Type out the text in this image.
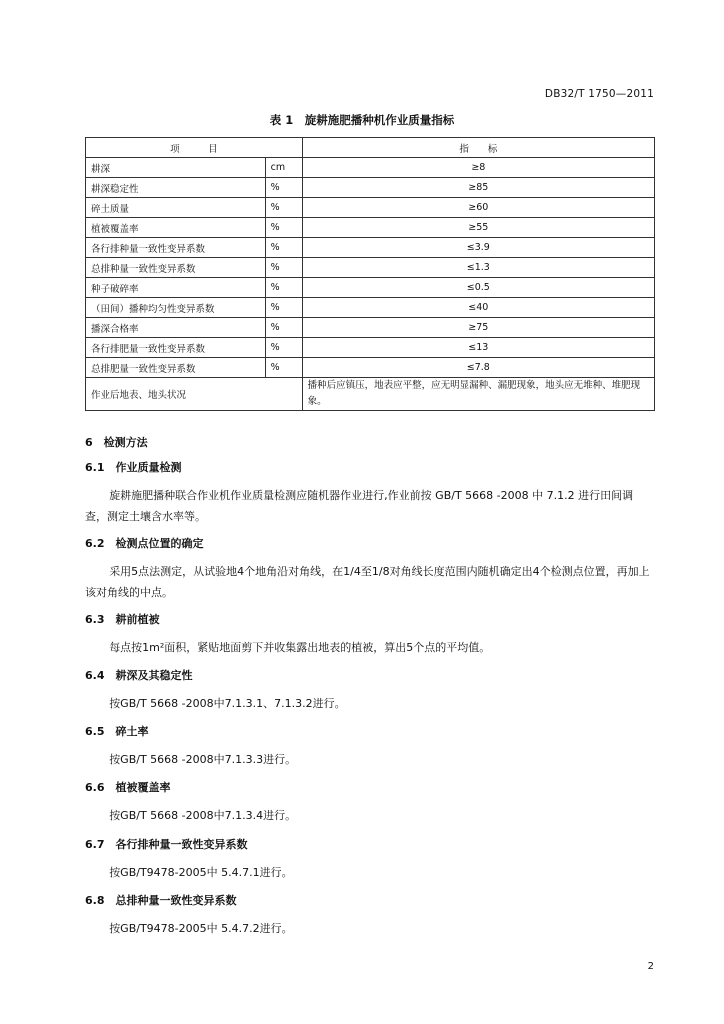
DB32/T 1750—2011
表 1　旋耕施肥播种机作业质量指标
项　　　目		指　　标
耕深	cm	≥8
耕深稳定性	%	≥85
碎土质量	%	≥60
植被覆盖率	%	≥55
各行排种量一致性变异系数	%	≤3.9
总排种量一致性变异系数	%	≤1.3
种子破碎率	%	≤0.5
（田间）播种均匀性变异系数	%	≤40
播深合格率	%	≥75
各行排肥量一致性变异系数	%	≤13
总排肥量一致性变异系数	%	≤7.8
作业后地表、地头状况		播种后应镇压，地表应平整，应无明显漏种、漏肥现象，地头应无堆种、堆肥现象。
6　检测方法
6.1　作业质量检测
旋耕施肥播种联合作业机作业质量检测应随机器作业进行,作业前按 GB/T 5668 -2008 中 7.1.2 进行田间调查，测定土壤含水率等。
6.2　检测点位置的确定
采用5点法测定，从试验地4个地角沿对角线，在1/4至1/8对角线长度范围内随机确定出4个检测点位置，再加上该对角线的中点。
6.3　耕前植被
每点按1m²面积，紧贴地面剪下并收集露出地表的植被，算出5个点的平均值。
6.4　耕深及其稳定性
按GB/T 5668 -2008中7.1.3.1、7.1.3.2进行。
6.5　碎土率
按GB/T 5668 -2008中7.1.3.3进行。
6.6　植被覆盖率
按GB/T 5668 -2008中7.1.3.4进行。
6.7　各行排种量一致性变异系数
按GB/T9478-2005中 5.4.7.1进行。
6.8　总排种量一致性变异系数
按GB/T9478-2005中 5.4.7.2进行。
2
